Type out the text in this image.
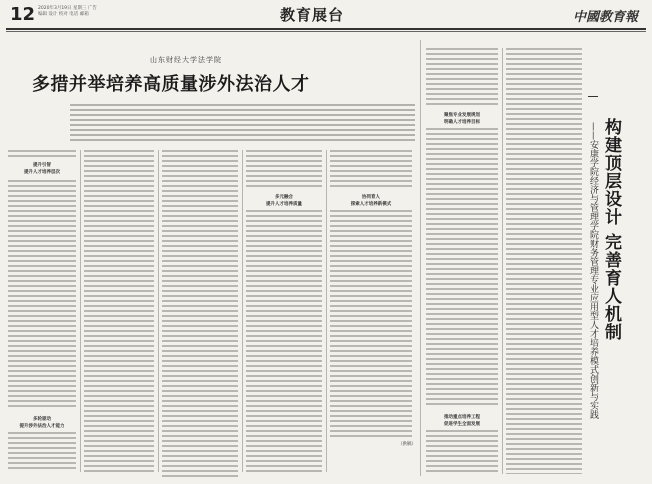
12 2020年3月19日 星期三 广告
编辑 设计 校对 电话 邮箱	教育展台	中國教育報
山东财经大学法学院
多措并举培养高质量涉外法治人才
提升引智
提升人才培养层次
多轮驱动
提升涉外法治人才能力
多元融合
提升人才培养质量
协同育人
探索人才培养新模式
（供稿）
聚焦专业发展规划
明确人才培养目标
推动重点培养工程
促进学生全面发展
构建顶层设计 完善育人机制
——安康学院经济与管理学院财务管理专业应用型人才培养模式创新与实践
